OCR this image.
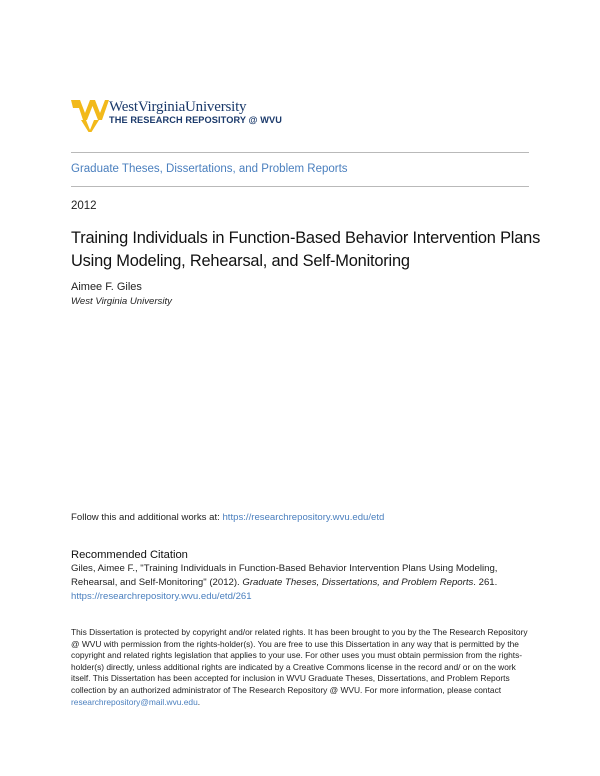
WestVirginiaUniversity
THE RESEARCH REPOSITORY @ WVU
Graduate Theses, Dissertations, and Problem Reports
2012
Training Individuals in Function-Based Behavior Intervention Plans Using Modeling, Rehearsal, and Self-Monitoring
Aimee F. Giles
West Virginia University
Follow this and additional works at: https://researchrepository.wvu.edu/etd
Recommended Citation
Giles, Aimee F., "Training Individuals in Function-Based Behavior Intervention Plans Using Modeling, Rehearsal, and Self-Monitoring" (2012). Graduate Theses, Dissertations, and Problem Reports. 261.
https://researchrepository.wvu.edu/etd/261
This Dissertation is protected by copyright and/or related rights. It has been brought to you by the The Research Repository @ WVU with permission from the rights-holder(s). You are free to use this Dissertation in any way that is permitted by the copyright and related rights legislation that applies to your use. For other uses you must obtain permission from the rights-holder(s) directly, unless additional rights are indicated by a Creative Commons license in the record and/ or on the work itself. This Dissertation has been accepted for inclusion in WVU Graduate Theses, Dissertations, and Problem Reports collection by an authorized administrator of The Research Repository @ WVU. For more information, please contact researchrepository@mail.wvu.edu.
